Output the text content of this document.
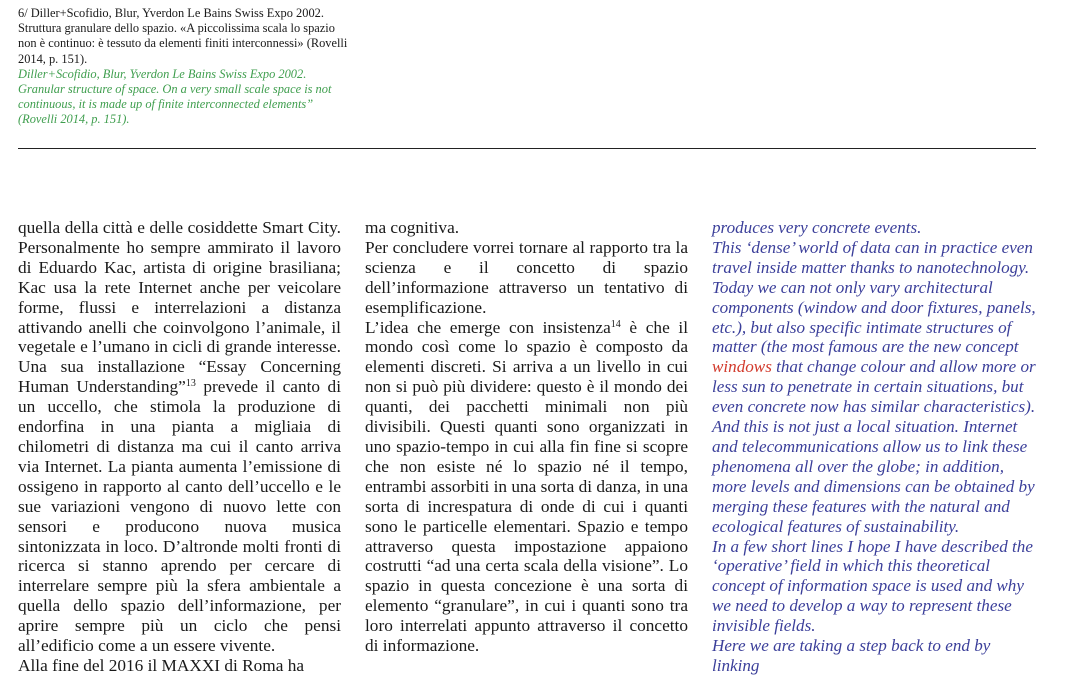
6/ Diller+Scofidio, Blur, Yverdon Le Bains Swiss Expo 2002. Struttura granulare dello spazio. «A piccolissima scala lo spazio non è continuo: è tessuto da elementi finiti interconnessi» (Rovelli 2014, p. 151).

Diller+Scofidio, Blur, Yverdon Le Bains Swiss Expo 2002. Granular structure of space. On a very small scale space is not continuous, it is made up of finite interconnected elements” (Rovelli 2014, p. 151).

quella della città e delle cosiddette Smart City. Personalmente ho sempre ammirato il lavoro di Eduardo Kac, artista di origine brasiliana; Kac usa la rete Internet anche per veicolare forme, flussi e interrelazioni a distanza attivando anelli che coinvolgono l’animale, il vegetale e l’umano in cicli di grande interesse. Una sua installazione “Essay Concerning Human Understanding”$^{13}$ prevede il canto di un uccello, che stimola la produzione di endorfina in una pianta a migliaia di chilometri di distanza ma cui il canto arriva via Internet. La pianta aumenta l’emissione di ossigeno in rapporto al canto dell’uccello e le sue variazioni vengono di nuovo lette con sensori e producono nuova musica sintonizzata in loco. D’altronde molti fronti di ricerca si stanno aprendo per cercare di interrelare sempre più la sfera ambientale a quella dello spazio dell’informazione, per aprire sempre più un ciclo che pensi all’edificio come a un essere vivente.

Alla fine del 2016 il MAXXI di Roma ha

ma cognitiva.

Per concludere vorrei tornare al rapporto tra la scienza e il concetto di spazio dell’informazione attraverso un tentativo di esemplificazione.

L’idea che emerge con insistenza$^{14}$ è che il mondo così come lo spazio è composto da elementi discreti. Si arriva a un livello in cui non si può più dividere: questo è il mondo dei quanti, dei pacchetti minimali non più divisibili. Questi quanti sono organizzati in uno spazio-tempo in cui alla fin fine si scopre che non esiste né lo spazio né il tempo, entrambi assorbiti in una sorta di danza, in una sorta di increspatura di onde di cui i quanti sono le particelle elementari. Spazio e tempo attraverso questa impostazione appaiono costrutti “ad una certa scala della visione”. Lo spazio in questa concezione è una sorta di elemento “granulare”, in cui i quanti sono tra loro interrelati appunto attraverso il concetto di informazione.

produces very concrete events.

This ‘dense’ world of data can in practice even

travel inside matter thanks to nanotechnology.

Today we can not only vary architectural

components (window and door fixtures, panels,

etc.), but also specific intimate structures of

matter (the most famous are the new concept

windows that change colour and allow more or

less sun to penetrate in certain situations, but

even concrete now has similar characteristics).

And this is not just a local situation. Internet

and telecommunications allow us to link these

phenomena all over the globe; in addition,

more levels and dimensions can be obtained by

merging these features with the natural and

ecological features of sustainability.

In a few short lines I hope I have described the

‘operative’ field in which this theoretical

concept of information space is used and why

we need to develop a way to represent these

invisible fields.

Here we are taking a step back to end by linking
